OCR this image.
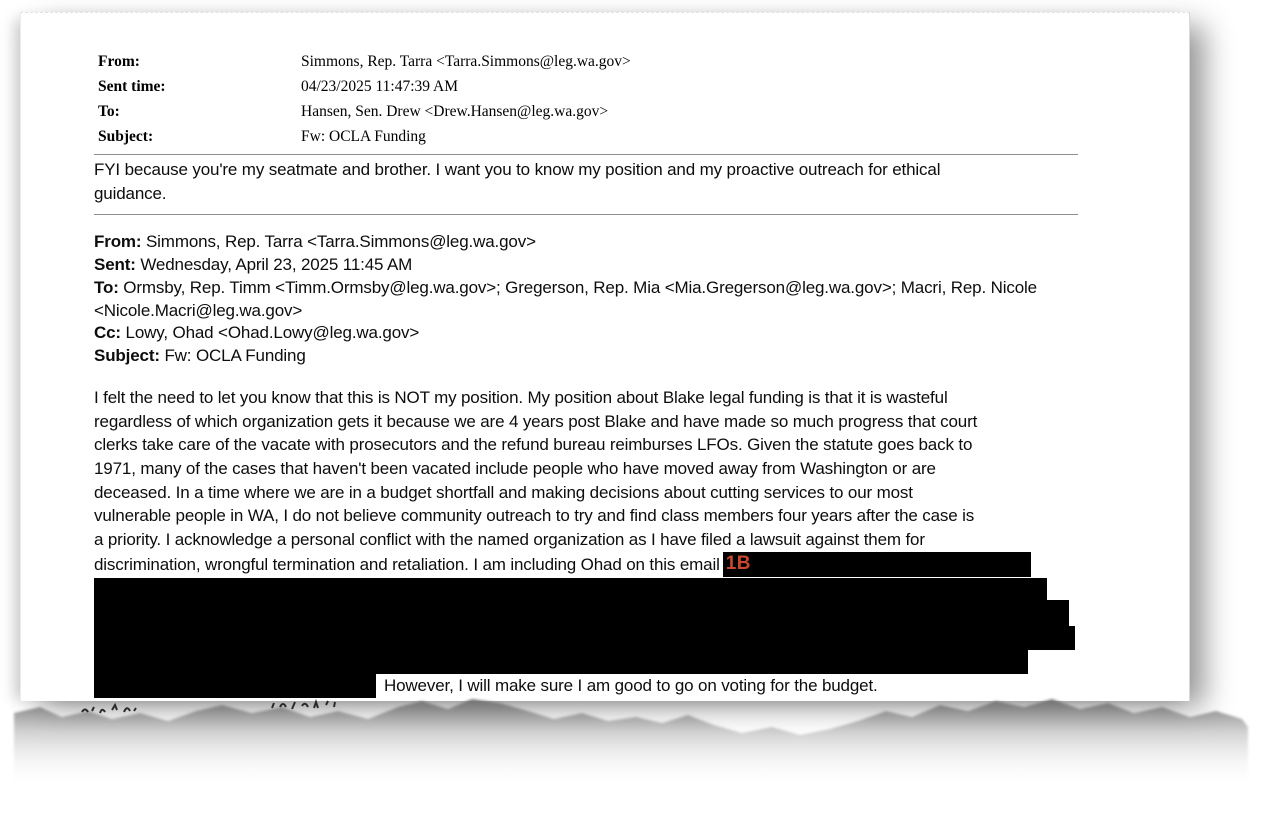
From:	Simmons, Rep. Tarra <Tarra.Simmons@leg.wa.gov>
Sent time:	04/23/2025 11:47:39 AM
To:	Hansen, Sen. Drew <Drew.Hansen@leg.wa.gov>
Subject:	Fw: OCLA Funding
FYI because you're my seatmate and brother. I want you to know my position and my proactive outreach for ethical
guidance.
From: Simmons, Rep. Tarra <Tarra.Simmons@leg.wa.gov>
Sent: Wednesday, April 23, 2025 11:45 AM
To: Ormsby, Rep. Timm <Timm.Ormsby@leg.wa.gov>; Gregerson, Rep. Mia <Mia.Gregerson@leg.wa.gov>; Macri, Rep. Nicole
<Nicole.Macri@leg.wa.gov>
Cc: Lowy, Ohad <Ohad.Lowy@leg.wa.gov>
Subject: Fw: OCLA Funding
I felt the need to let you know that this is NOT my position. My position about Blake legal funding is that it is wasteful
regardless of which organization gets it because we are 4 years post Blake and have made so much progress that court
clerks take care of the vacate with prosecutors and the refund bureau reimburses LFOs. Given the statute goes back to
1971, many of the cases that haven't been vacated include people who have moved away from Washington or are
deceased. In a time where we are in a budget shortfall and making decisions about cutting services to our most
vulnerable people in WA, I do not believe community outreach to try and find class members four years after the case is
a priority. I acknowledge a personal conflict with the named organization as I have filed a lawsuit against them for
discrimination, wrongful termination and retaliation. I am including Ohad on this email 1B
However, I will make sure I am good to go on voting for the budget.
